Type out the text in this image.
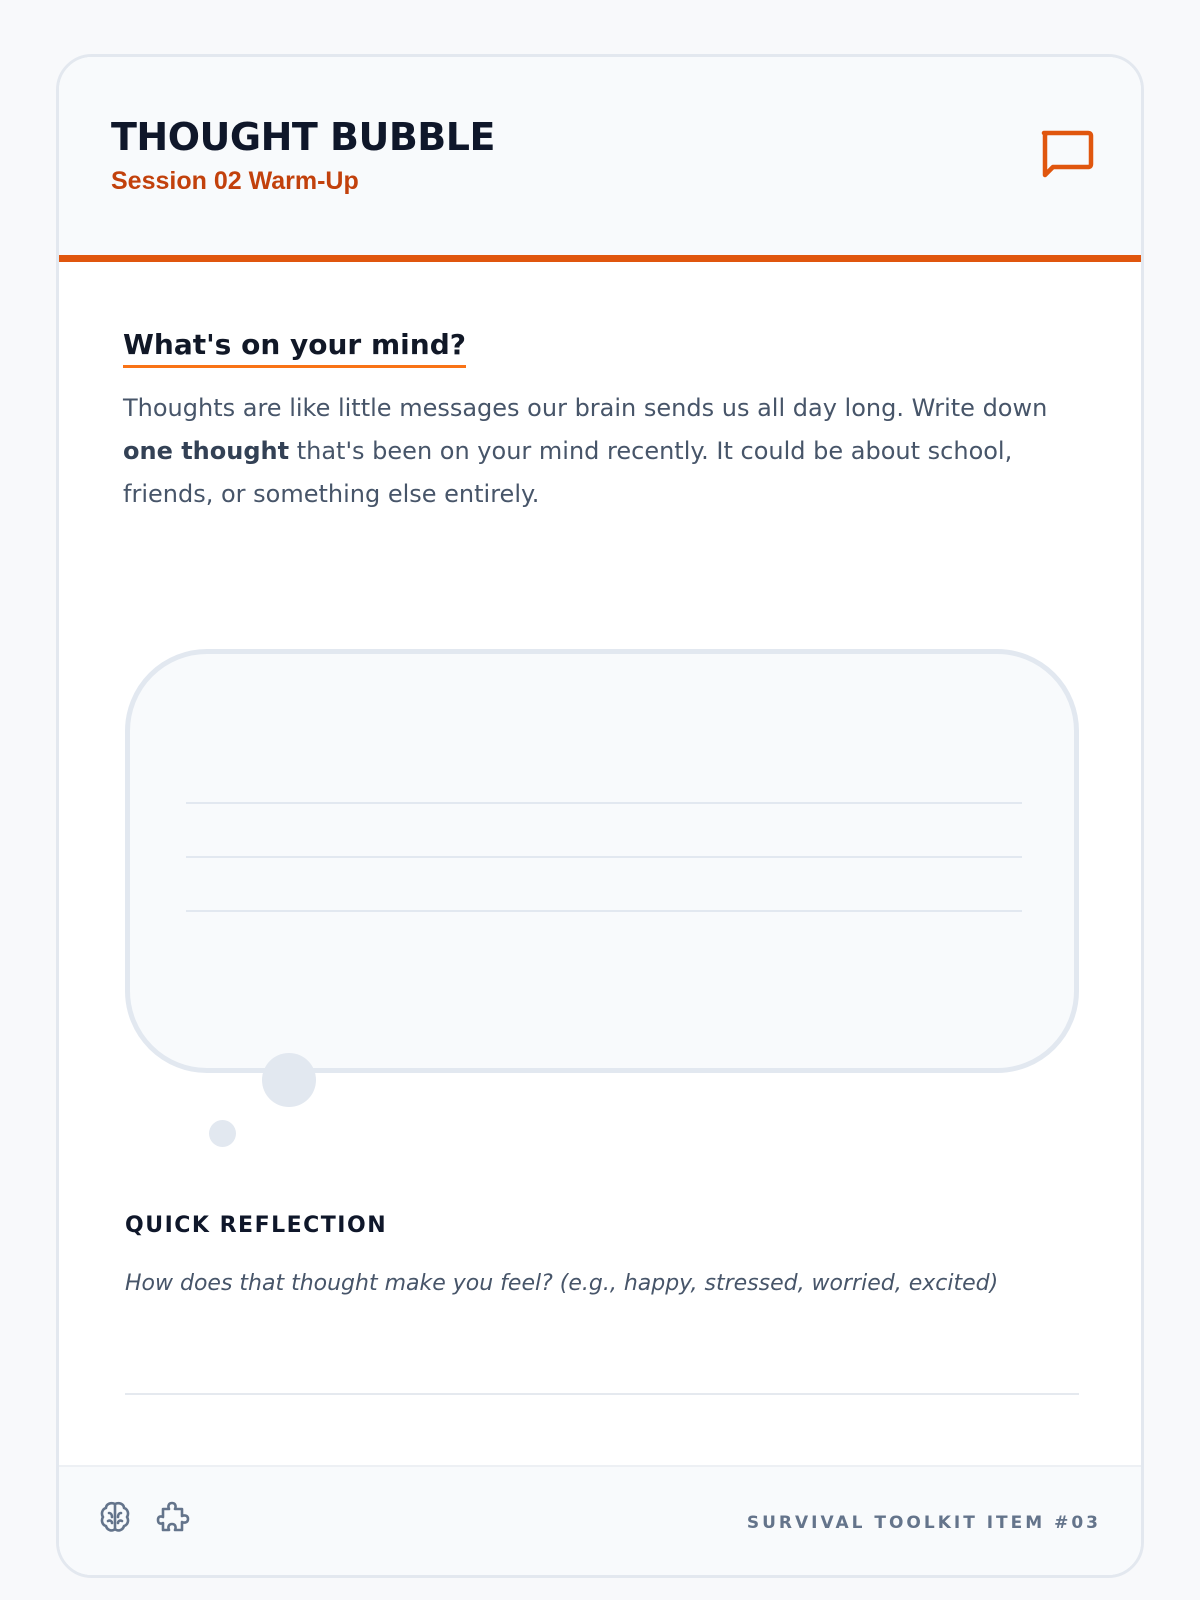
THOUGHT BUBBLE

Session 02 Warm-Up

What's on your mind?

Thoughts are like little messages our brain sends us all day long. Write down one thought that's been on your mind recently. It could be about school, friends, or something else entirely.

QUICK REFLECTION

How does that thought make you feel? (e.g., happy, stressed, worried, excited)

SURVIVAL TOOLKIT ITEM #03
